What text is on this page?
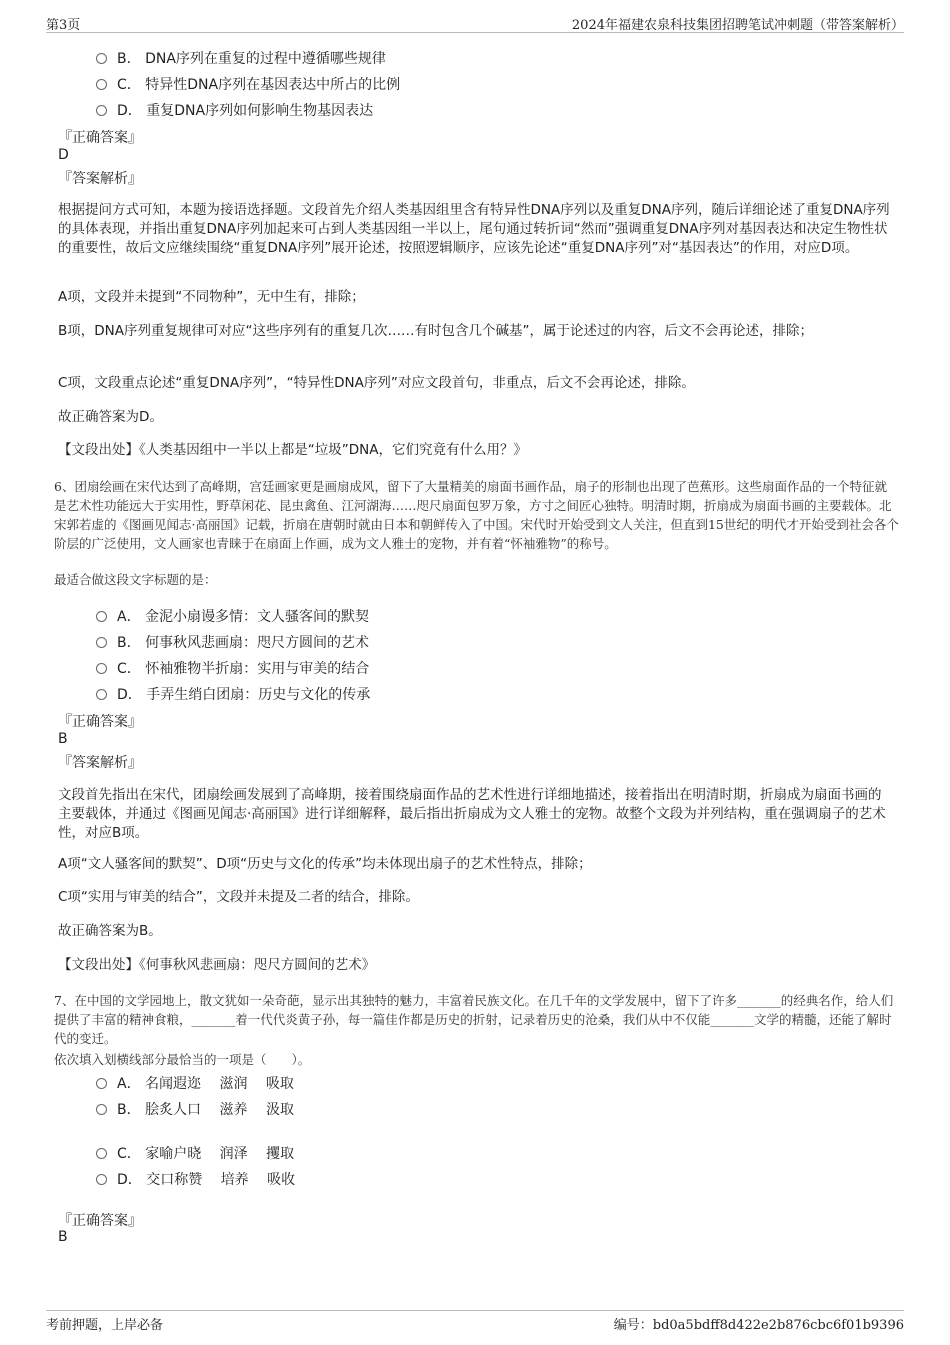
第3页	2024年福建农泉科技集团招聘笔试冲刺题（带答案解析）
B． DNA序列在重复的过程中遵循哪些规律
C． 特异性DNA序列在基因表达中所占的比例
D． 重复DNA序列如何影响生物基因表达
『正确答案』
D
『答案解析』

根据提问方式可知，本题为接语选择题。文段首先介绍人类基因组里含有特异性DNA序列以及重复DNA序列，随后详细论述了重复DNA序列的具体表现，并指出重复DNA序列加起来可占到人类基因组一半以上，尾句通过转折词“然而”强调重复DNA序列对基因表达和决定生物性状的重要性，故后文应继续围绕“重复DNA序列”展开论述，按照逻辑顺序，应该先论述“重复DNA序列”对“基因表达”的作用，对应D项。

A项，文段并未提到“不同物种”，无中生有，排除；

B项，DNA序列重复规律可对应“这些序列有的重复几次……有时包含几个碱基”，属于论述过的内容，后文不会再论述，排除；

C项，文段重点论述“重复DNA序列”，“特异性DNA序列”对应文段首句，非重点，后文不会再论述，排除。

故正确答案为D。

【文段出处】《人类基因组中一半以上都是“垃圾”DNA，它们究竟有什么用？》

6、团扇绘画在宋代达到了高峰期，宫廷画家更是画扇成风，留下了大量精美的扇面书画作品，扇子的形制也出现了芭蕉形。这些扇面作品的一个特征就是艺术性功能远大于实用性，野草闲花、昆虫禽鱼、江河湖海……咫尺扇面包罗万象，方寸之间匠心独特。明清时期，折扇成为扇面书画的主要载体。北宋郭若虚的《图画见闻志·高丽国》记载，折扇在唐朝时就由日本和朝鲜传入了中国。宋代时开始受到文人关注，但直到15世纪的明代才开始受到社会各个阶层的广泛使用，文人画家也青睐于在扇面上作画，成为文人雅士的宠物，并有着“怀袖雅物”的称号。

最适合做这段文字标题的是：

A． 金泥小扇谩多情：文人骚客间的默契
B． 何事秋风悲画扇：咫尺方圆间的艺术
C． 怀袖雅物半折扇：实用与审美的结合
D． 手弄生绡白团扇：历史与文化的传承
『正确答案』
B
『答案解析』

文段首先指出在宋代，团扇绘画发展到了高峰期，接着围绕扇面作品的艺术性进行详细地描述，接着指出在明清时期，折扇成为扇面书画的主要载体，并通过《图画见闻志·高丽国》进行详细解释，最后指出折扇成为文人雅士的宠物。故整个文段为并列结构，重在强调扇子的艺术性，对应B项。

A项“文人骚客间的默契”、D项“历史与文化的传承”均未体现出扇子的艺术性特点，排除；

C项“实用与审美的结合”，文段并未提及二者的结合，排除。

故正确答案为B。

【文段出处】《何事秋风悲画扇：咫尺方圆间的艺术》

7、在中国的文学园地上，散文犹如一朵奇葩，显示出其独特的魅力，丰富着民族文化。在几千年的文学发展中，留下了许多_______的经典名作，给人们提供了丰富的精神食粮，_______着一代代炎黄子孙，每一篇佳作都是历史的折射，记录着历史的沧桑，我们从中不仅能_______文学的精髓，还能了解时代的变迁。

依次填入划横线部分最恰当的一项是（　　）。

A． 名闻遐迩　 滋润　 吸取
B． 脍炙人口　 滋养　 汲取
C． 家喻户晓　 润泽　 攫取
D． 交口称赞　 培养　 吸收
『正确答案』
B
考前押题，上岸必备	编号：bd0a5bdff8d422e2b876cbc6f01b9396
